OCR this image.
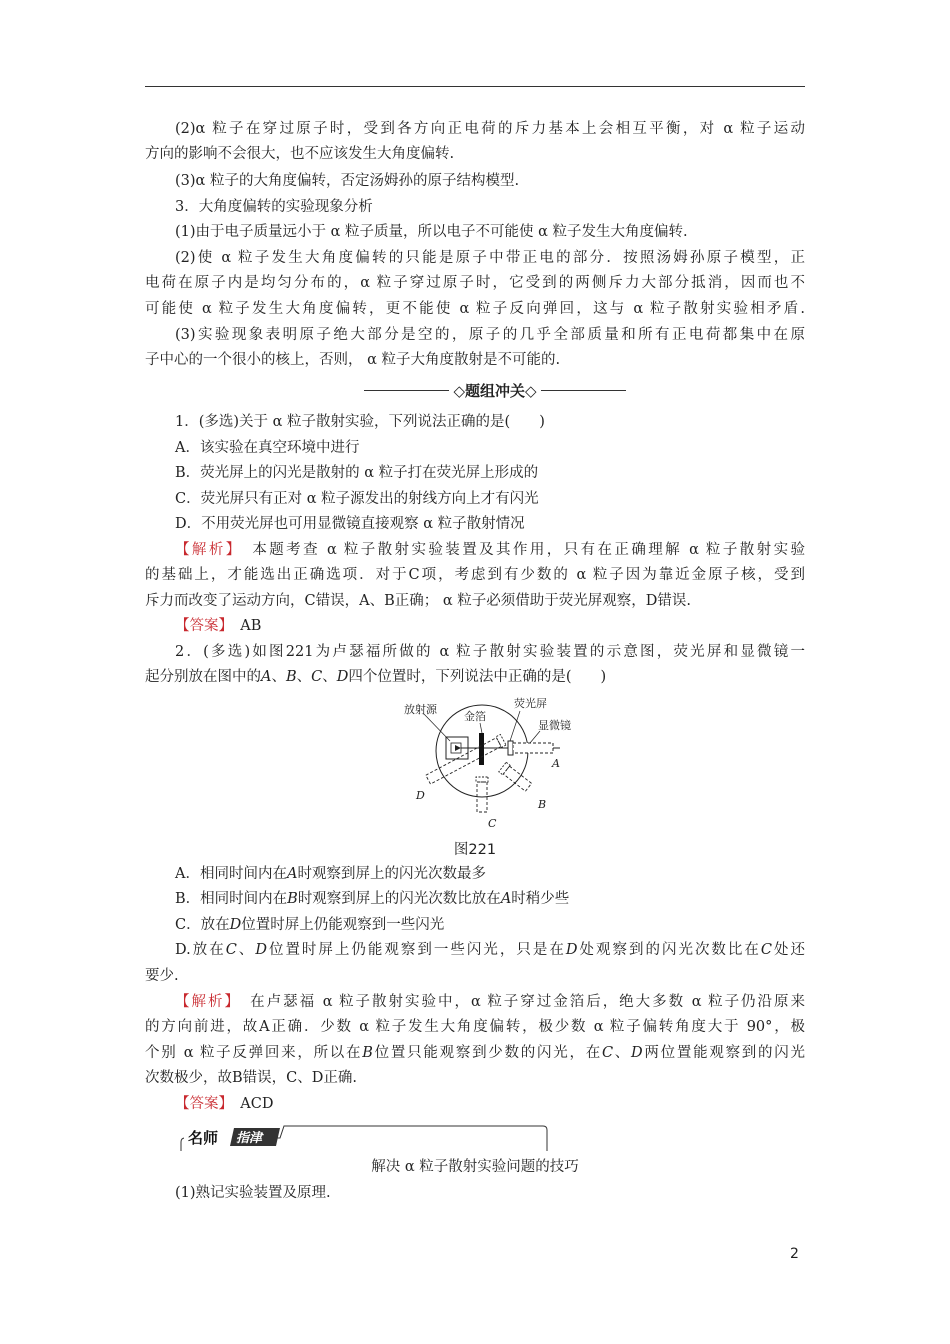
(2)α 粒子在穿过原子时，受到各方向正电荷的斥力基本上会相互平衡，对 α 粒子运动
方向的影响不会很大，也不应该发生大角度偏转.
(3)α 粒子的大角度偏转，否定汤姆孙的原子结构模型.
3．大角度偏转的实验现象分析
(1)由于电子质量远小于 α 粒子质量，所以电子不可能使 α 粒子发生大角度偏转.
(2)使 α 粒子发生大角度偏转的只能是原子中带正电的部分．按照汤姆孙原子模型，正
电荷在原子内是均匀分布的，α 粒子穿过原子时，它受到的两侧斥力大部分抵消，因而也不
可能使 α 粒子发生大角度偏转，更不能使 α 粒子反向弹回，这与 α 粒子散射实验相矛盾.
(3)实验现象表明原子绝大部分是空的，原子的几乎全部质量和所有正电荷都集中在原
子中心的一个很小的核上，否则， α 粒子大角度散射是不可能的.
◇题组冲关◇
1．(多选)关于 α 粒子散射实验，下列说法正确的是(　　)
A．该实验在真空环境中进行
B．荧光屏上的闪光是散射的 α 粒子打在荧光屏上形成的
C．荧光屏只有正对 α 粒子源发出的射线方向上才有闪光
D．不用荧光屏也可用显微镜直接观察 α 粒子散射情况
【解析】　 本题考查 α 粒子散射实验装置及其作用，只有在正确理解 α 粒子散射实验
的基础上，才能选出正确选项．对于C项，考虑到有少数的 α 粒子因为靠近金原子核，受到
斥力而改变了运动方向，C错误，A、B正确； α 粒子必须借助于荧光屏观察，D错误.
【答案】　 AB
2．(多选)如图221为卢瑟福所做的 α 粒子散射实验装置的示意图，荧光屏和显微镜一
起分别放在图中的A、B、C、D四个位置时，下列说法中正确的是(　　)
放射源
金箔
荧光屏
显微镜
A
B
C
D
图221
A．相同时间内在A时观察到屏上的闪光次数最多
B．相同时间内在B时观察到屏上的闪光次数比放在A时稍少些
C．放在D位置时屏上仍能观察到一些闪光
D.放在C、D位置时屏上仍能观察到一些闪光，只是在D处观察到的闪光次数比在C处还
要少.
【解析】　 在卢瑟福 α 粒子散射实验中，α 粒子穿过金箔后，绝大多数 α 粒子仍沿原来
的方向前进，故A正确．少数 α 粒子发生大角度偏转，极少数 α 粒子偏转角度大于 90°，极
个别 α 粒子反弹回来，所以在B位置只能观察到少数的闪光，在C、D两位置能观察到的闪光
次数极少，故B错误，C、D正确.
【答案】　 ACD
名师 指津
解决 α 粒子散射实验问题的技巧
(1)熟记实验装置及原理.
2
